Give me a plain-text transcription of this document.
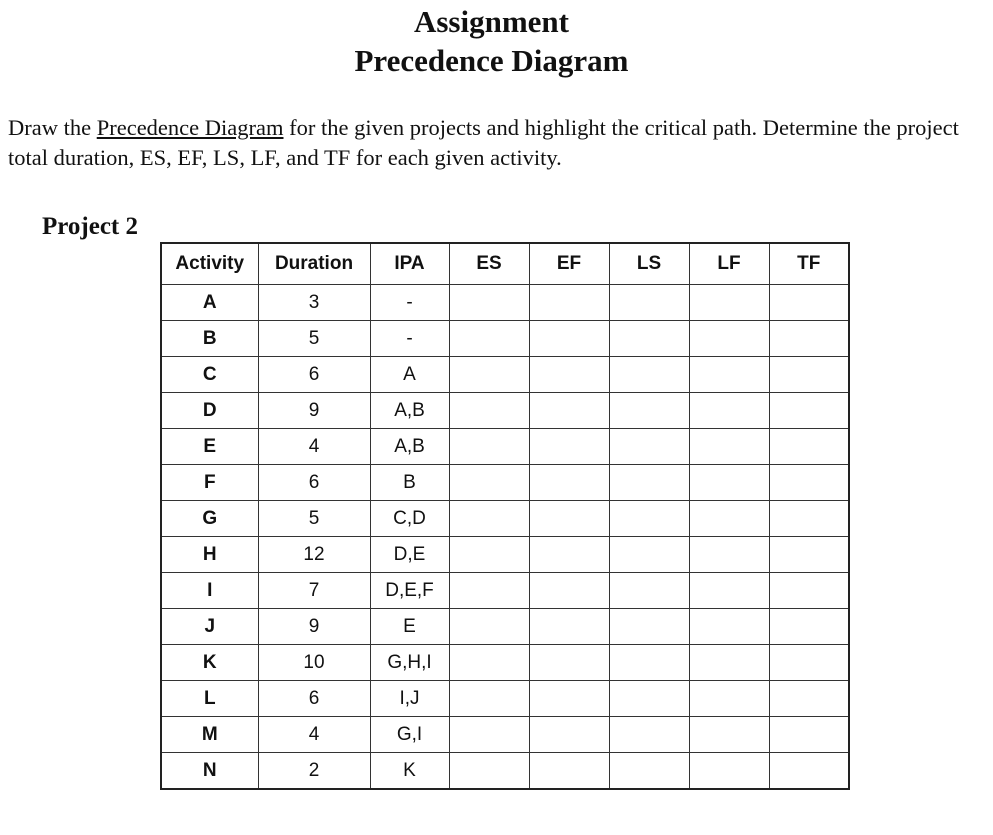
Assignment
Precedence Diagram
Draw the Precedence Diagram for the given projects and highlight the critical path. Determine the project total duration, ES, EF, LS, LF, and TF for each given activity.
Project 2
Activity	Duration	IPA	ES	EF	LS	LF	TF
A	3	-					
B	5	-					
C	6	A					
D	9	A,B					
E	4	A,B					
F	6	B					
G	5	C,D					
H	12	D,E					
I	7	D,E,F					
J	9	E					
K	10	G,H,I					
L	6	I,J					
M	4	G,I					
N	2	K					
